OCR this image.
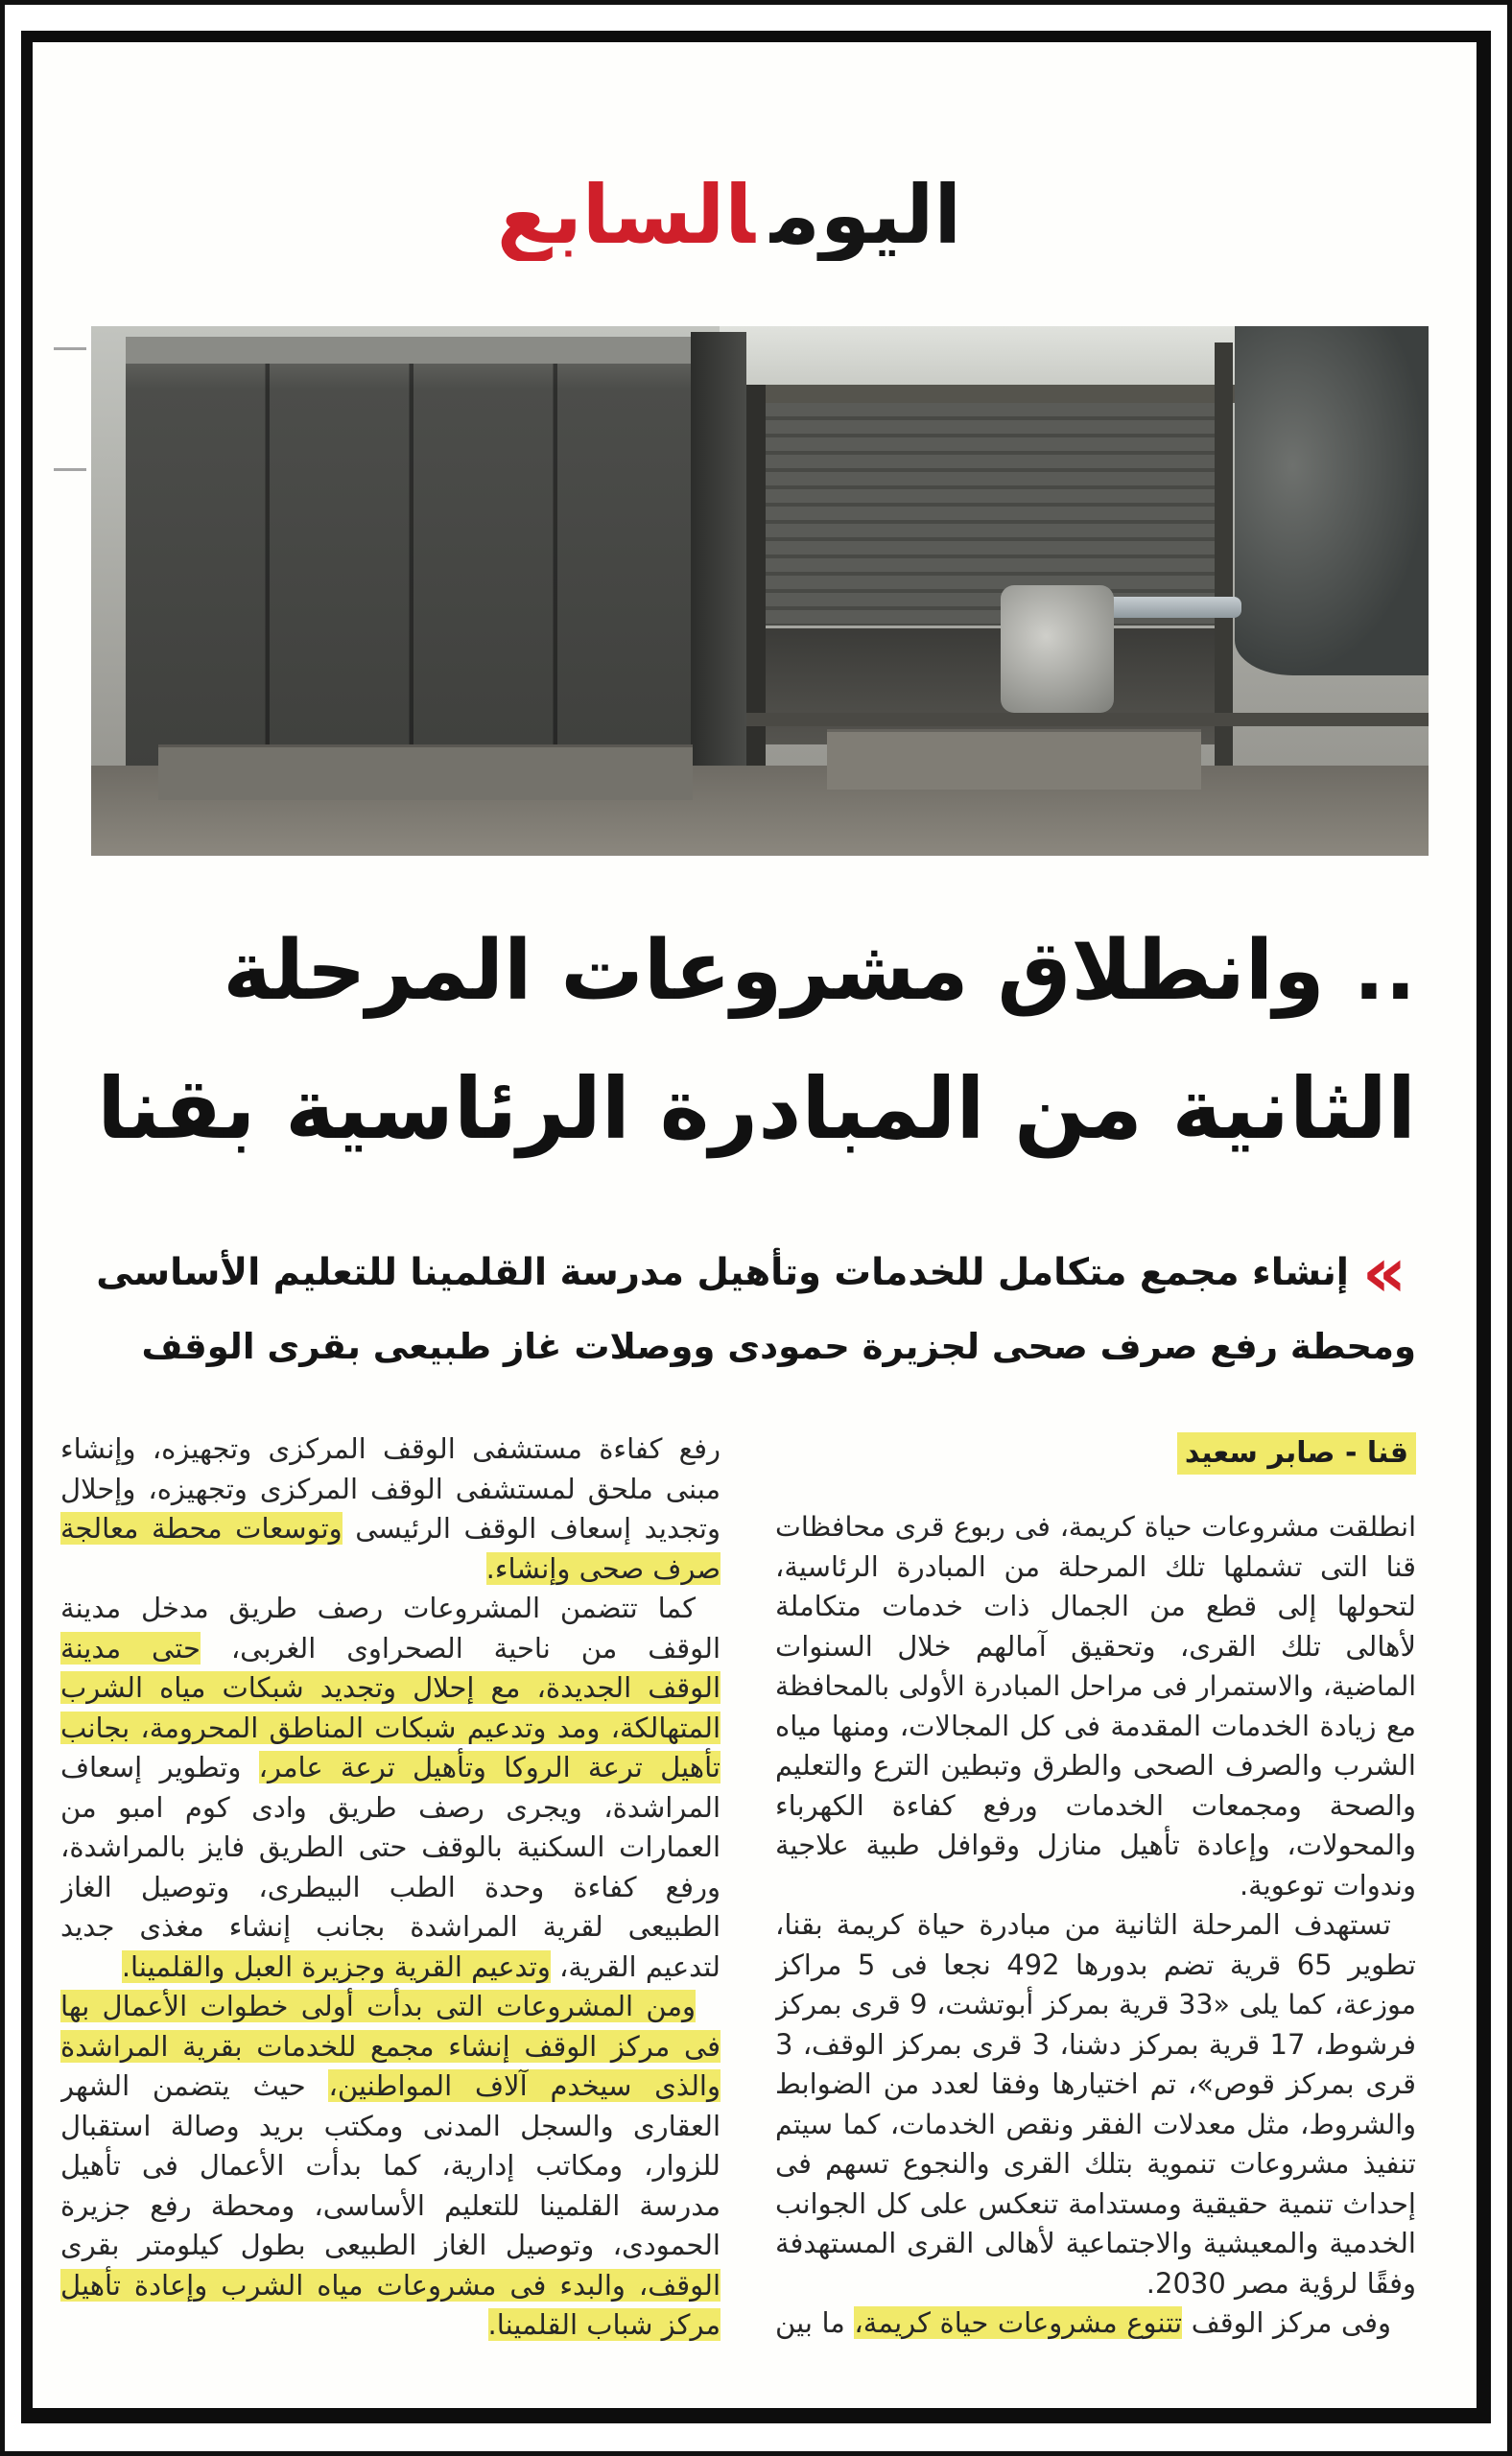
اليومالسابع
.. وانطلاق مشروعات المرحلة
الثانية من المبادرة الرئاسية بقنا
»
إنشاء مجمع متكامل للخدمات وتأهيل مدرسة القلمينا للتعليم الأساسى
ومحطة رفع صرف صحى لجزيرة حمودى ووصلات غاز طبيعى بقرى الوقف
قنا - صابر سعيد
انطلقت مشروعات حياة كريمة، فى ربوع قرى محافظات
قنا التى تشملها تلك المرحلة من المبادرة الرئاسية،
لتحولها إلى قطع من الجمال ذات خدمات متكاملة
لأهالى تلك القرى، وتحقيق آمالهم خلال السنوات
الماضية، والاستمرار فى مراحل المبادرة الأولى بالمحافظة
مع زيادة الخدمات المقدمة فى كل المجالات، ومنها مياه
الشرب والصرف الصحى والطرق وتبطين الترع والتعليم
والصحة ومجمعات الخدمات ورفع كفاءة الكهرباء
والمحولات، وإعادة تأهيل منازل وقوافل طبية علاجية
وندوات توعوية.
تستهدف المرحلة الثانية من مبادرة حياة كريمة بقنا،
تطوير 65 قرية تضم بدورها 492 نجعا فى 5 مراكز
موزعة، كما يلى «33 قرية بمركز أبوتشت، 9 قرى بمركز
فرشوط، 17 قرية بمركز دشنا، 3 قرى بمركز الوقف، 3
قرى بمركز قوص»، تم اختيارها وفقا لعدد من الضوابط
والشروط، مثل معدلات الفقر ونقص الخدمات، كما سيتم
تنفيذ مشروعات تنموية بتلك القرى والنجوع تسهم فى
إحداث تنمية حقيقية ومستدامة تنعكس على كل الجوانب
الخدمية والمعيشية والاجتماعية لأهالى القرى المستهدفة
وفقًا لرؤية مصر 2030.
وفى مركز الوقف تتنوع مشروعات حياة كريمة، ما بين
رفع كفاءة مستشفى الوقف المركزى وتجهيزه، وإنشاء
مبنى ملحق لمستشفى الوقف المركزى وتجهيزه، وإحلال
وتجديد إسعاف الوقف الرئيسى وتوسعات محطة معالجة
صرف صحى وإنشاء.
كما تتضمن المشروعات رصف طريق مدخل مدينة
الوقف من ناحية الصحراوى الغربى، حتى مدينة
الوقف الجديدة، مع إحلال وتجديد شبكات مياه الشرب
المتهالكة، ومد وتدعيم شبكات المناطق المحرومة، بجانب
تأهيل ترعة الروكا وتأهيل ترعة عامر، وتطوير إسعاف
المراشدة، ويجرى رصف طريق وادى كوم امبو من
العمارات السكنية بالوقف حتى الطريق فايز بالمراشدة،
ورفع كفاءة وحدة الطب البيطرى، وتوصيل الغاز
الطبيعى لقرية المراشدة بجانب إنشاء مغذى جديد
لتدعيم القرية، وتدعيم القرية وجزيرة العبل والقلمينا.
ومن المشروعات التى بدأت أولى خطوات الأعمال بها
فى مركز الوقف إنشاء مجمع للخدمات بقرية المراشدة
والذى سيخدم آلاف المواطنين، حيث يتضمن الشهر
العقارى والسجل المدنى ومكتب بريد وصالة استقبال
للزوار، ومكاتب إدارية، كما بدأت الأعمال فى تأهيل
مدرسة القلمينا للتعليم الأساسى، ومحطة رفع جزيرة
الحمودى، وتوصيل الغاز الطبيعى بطول كيلومتر بقرى
الوقف، والبدء فى مشروعات مياه الشرب وإعادة تأهيل
مركز شباب القلمينا.
